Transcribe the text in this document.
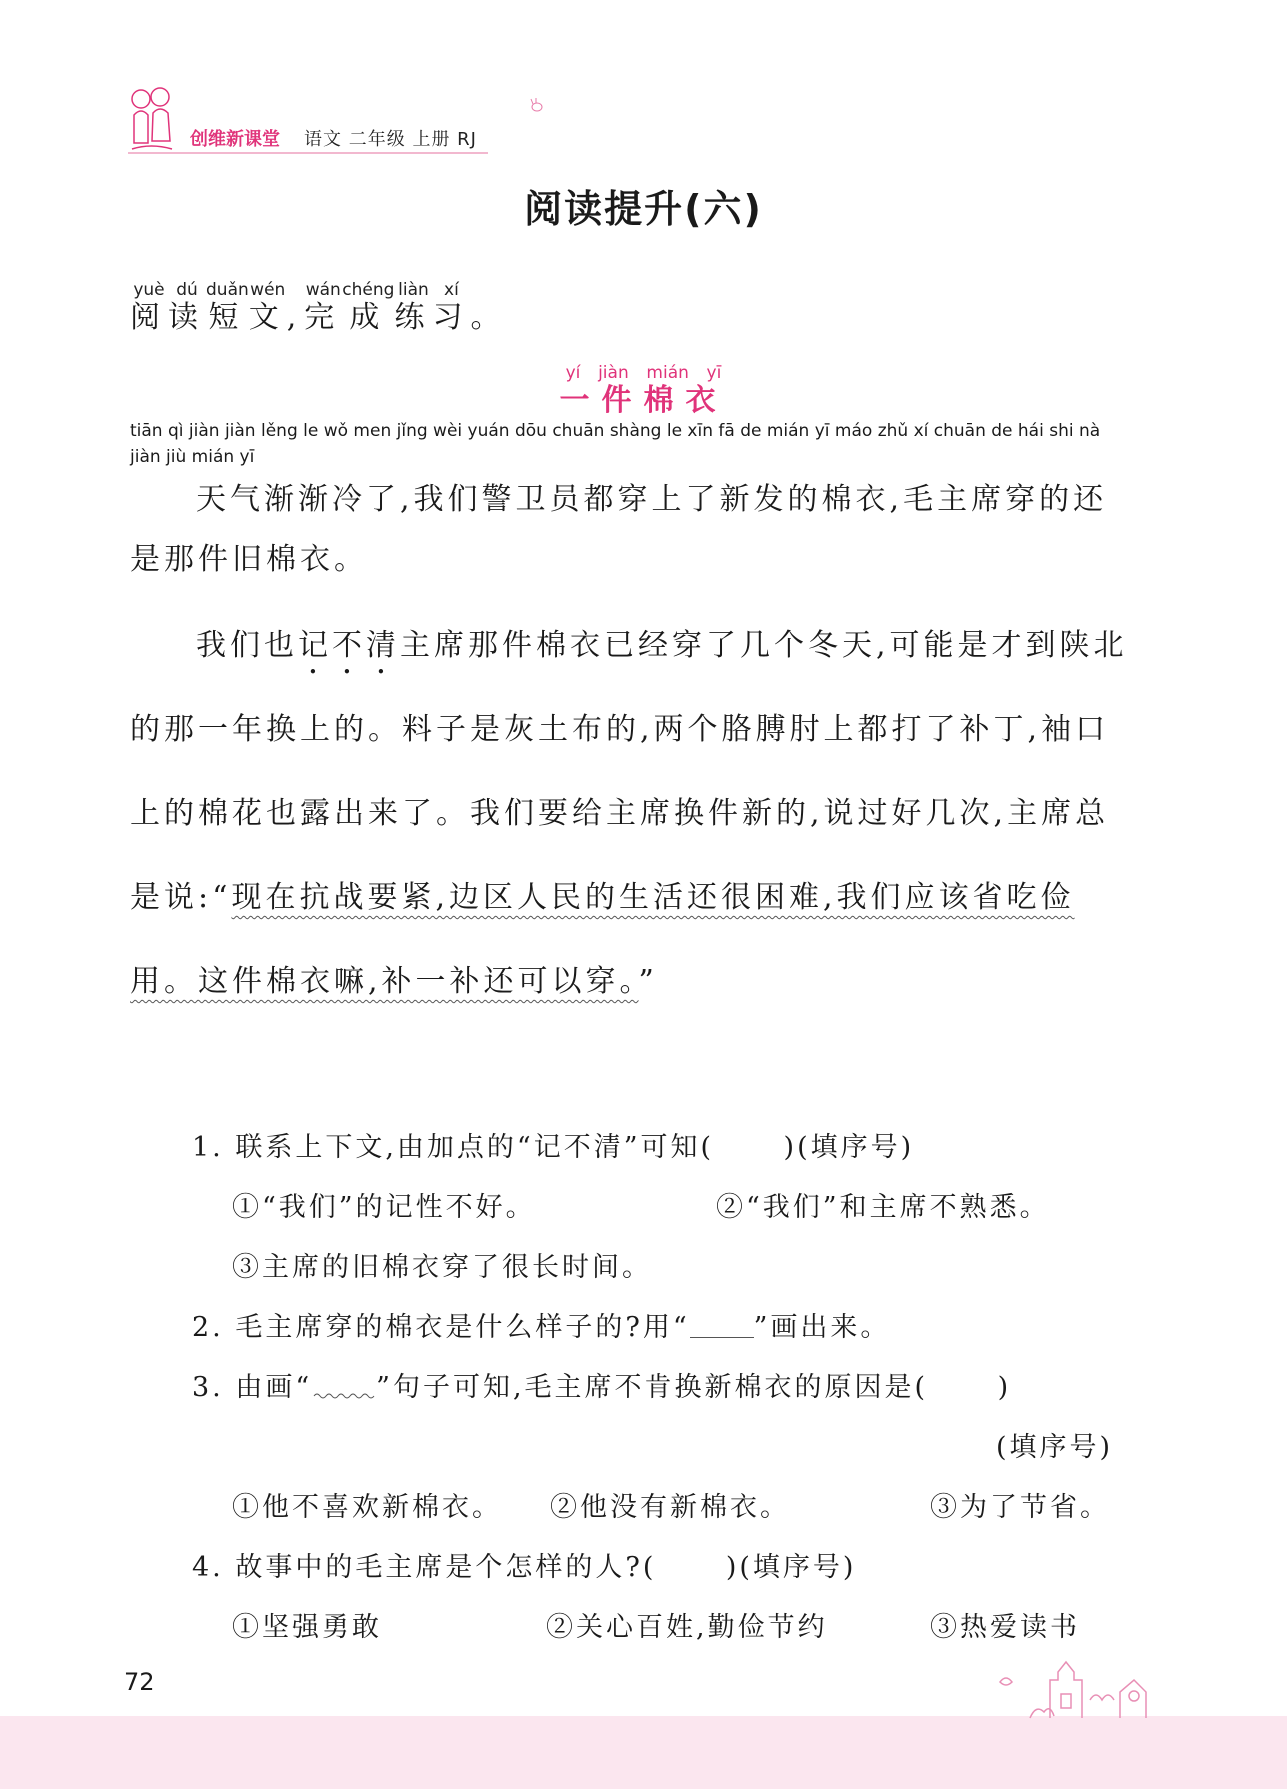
创维新课堂 语文 二年级 上册 RJ
阅读提升(六)
阅yuè读dú短duǎn文wén,完wán成chéng练liàn习xí。
一件棉衣yí jiàn mián yī
tiān qì jiàn jiàn lěng le wǒ men jǐng wèi yuán dōu chuān shàng le xīn fā de mián yī máo zhǔ xí chuān de hái shi nà jiàn jiù mián yī
天气渐渐冷了,我们警卫员都穿上了新发的棉衣,毛主席穿的还是那件旧棉衣。
我们也记不清主席那件棉衣已经穿了几个冬天,可能是才到陕北的那一年换上的。料子是灰土布的,两个胳膊肘上都打了补丁,袖口上的棉花也露出来了。我们要给主席换件新的,说过好几次,主席总是说:“现在抗战要紧,边区人民的生活还很困难,我们应该省吃俭用。这件棉衣嘛,补一补还可以穿。”
1. 联系上下文,由加点的“记不清”可知(      )(填序号)
①“我们”的记性不好。	②“我们”和主席不熟悉。
③主席的旧棉衣穿了很长时间。
2. 毛主席穿的棉衣是什么样子的?用“ ”画出来。
3. 由画“ ”句子可知,毛主席不肯换新棉衣的原因是(      )
(填序号)
①他不喜欢新棉衣。 ②他没有新棉衣。	③为了节省。
4. 故事中的毛主席是个怎样的人?(      )(填序号)
①坚强勇敢	②关心百姓,勤俭节约	③热爱读书
72
